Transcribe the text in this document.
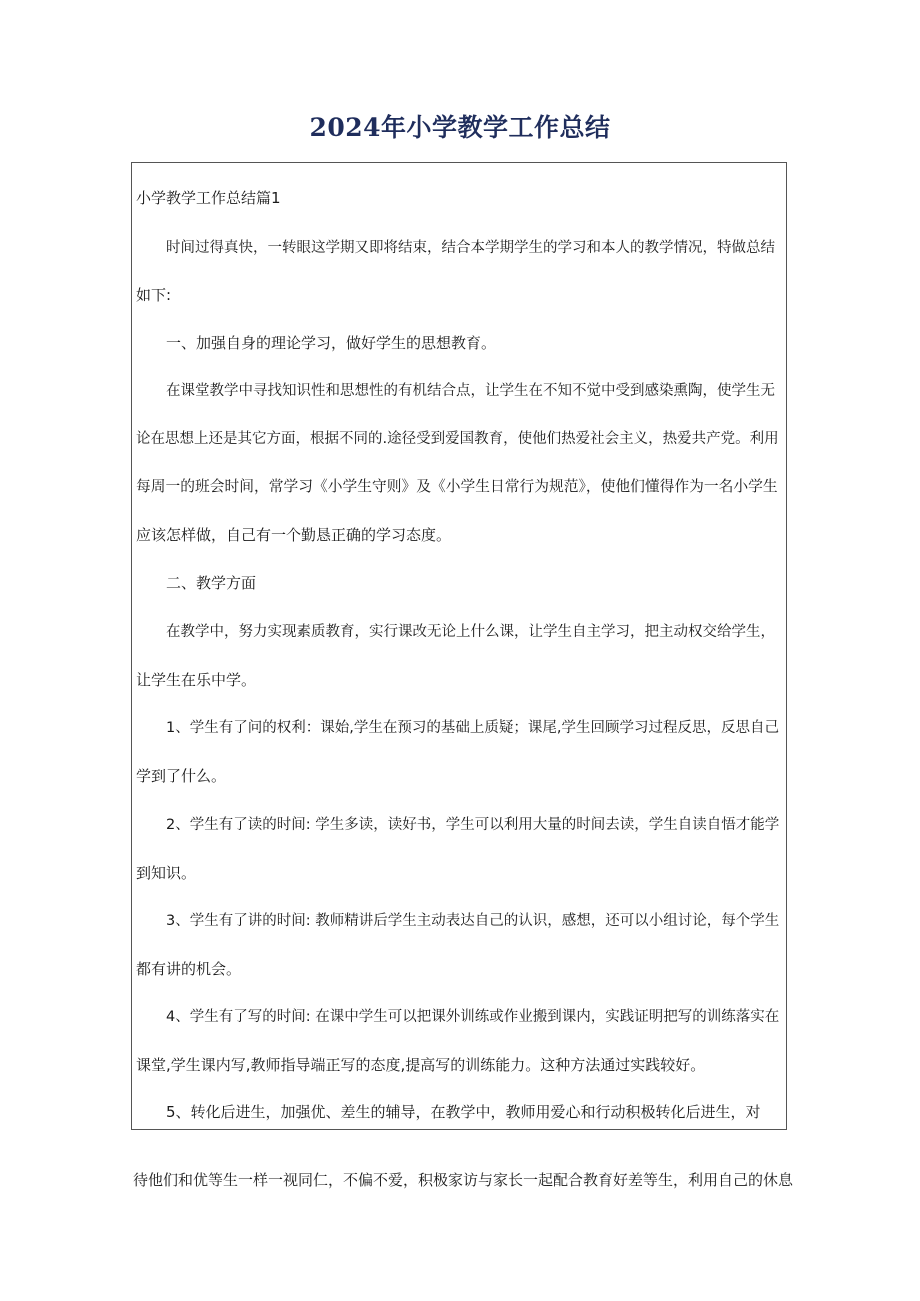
2024年小学教学工作总结

小学教学工作总结篇1

时间过得真快，一转眼这学期又即将结束，结合本学期学生的学习和本人的教学情况，特做总结

如下:

一、加强自身的理论学习，做好学生的思想教育。

在课堂教学中寻找知识性和思想性的有机结合点，让学生在不知不觉中受到感染熏陶，使学生无

论在思想上还是其它方面，根据不同的.途径受到爱国教育，使他们热爱社会主义，热爱共产党。利用

每周一的班会时间，常学习《小学生守则》及《小学生日常行为规范》，使他们懂得作为一名小学生

应该怎样做，自己有一个勤恳正确的学习态度。

二、教学方面

在教学中，努力实现素质教育，实行课改无论上什么课，让学生自主学习，把主动权交给学生，

让学生在乐中学。

1、学生有了问的权利：课始,学生在预习的基础上质疑；课尾,学生回顾学习过程反思，反思自己

学到了什么。

2、学生有了读的时间: 学生多读，读好书，学生可以利用大量的时间去读，学生自读自悟才能学

到知识。

3、学生有了讲的时间: 教师精讲后学生主动表达自己的认识，感想，还可以小组讨论，每个学生

都有讲的机会。

4、学生有了写的时间: 在课中学生可以把课外训练或作业搬到课内，实践证明把写的训练落实在

课堂,学生课内写,教师指导端正写的态度,提高写的训练能力。这种方法通过实践较好。

5、转化后进生，加强优、差生的辅导，在教学中，教师用爱心和行动积极转化后进生，对

待他们和优等生一样一视同仁，不偏不爱，积极家访与家长一起配合教育好差等生，利用自己的休息
